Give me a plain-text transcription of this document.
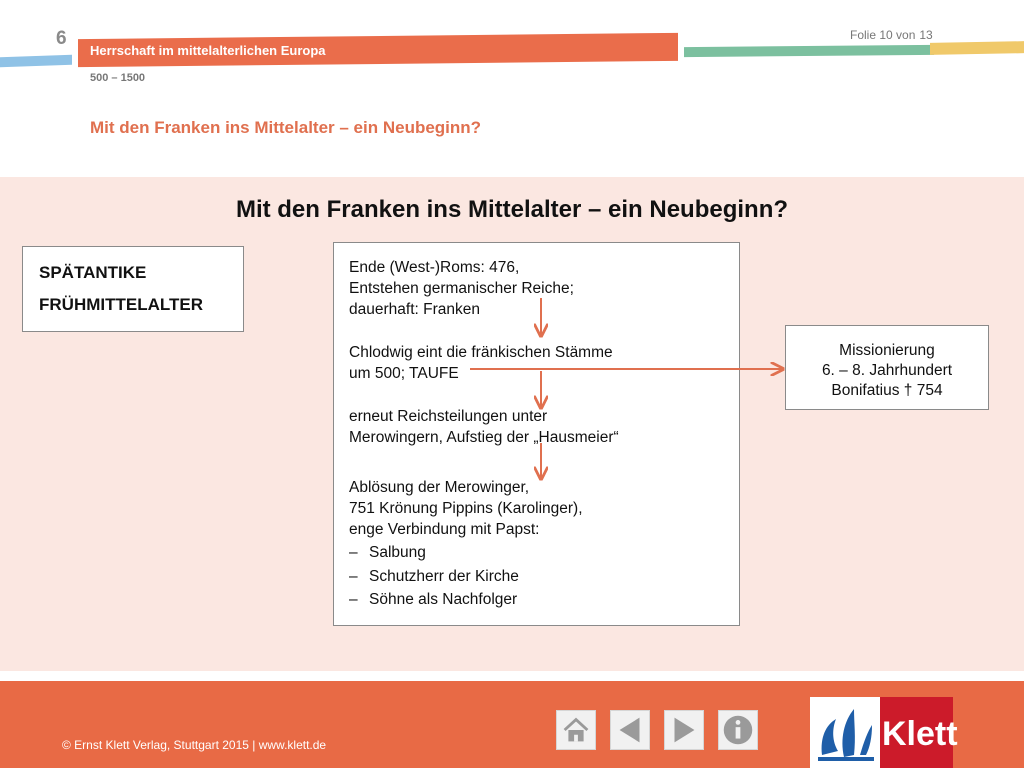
6
Herrschaft im mittelalterlichen Europa
Folie 10 von 13
500 – 1500
Mit den Franken ins Mittelalter – ein Neubeginn?
Mit den Franken ins Mittelalter – ein Neubeginn?
SPÄTANTIKE
FRÜHMITTELALTER
Ende (West-)Roms: 476,
Entstehen germanischer Reiche;
dauerhaft: Franken
Chlodwig eint die fränkischen Stämme
um 500; TAUFE
erneut Reichsteilungen unter
Merowingern, Aufstieg der „Hausmeier“
Ablösung der Merowinger,
751 Krönung Pippins (Karolinger),
enge Verbindung mit Papst:
– Salbung
– Schutzherr der Kirche
– Söhne als Nachfolger
Missionierung
6. – 8. Jahrhundert
Bonifatius † 754
© Ernst Klett Verlag, Stuttgart 2015 | www.klett.de	Klett
